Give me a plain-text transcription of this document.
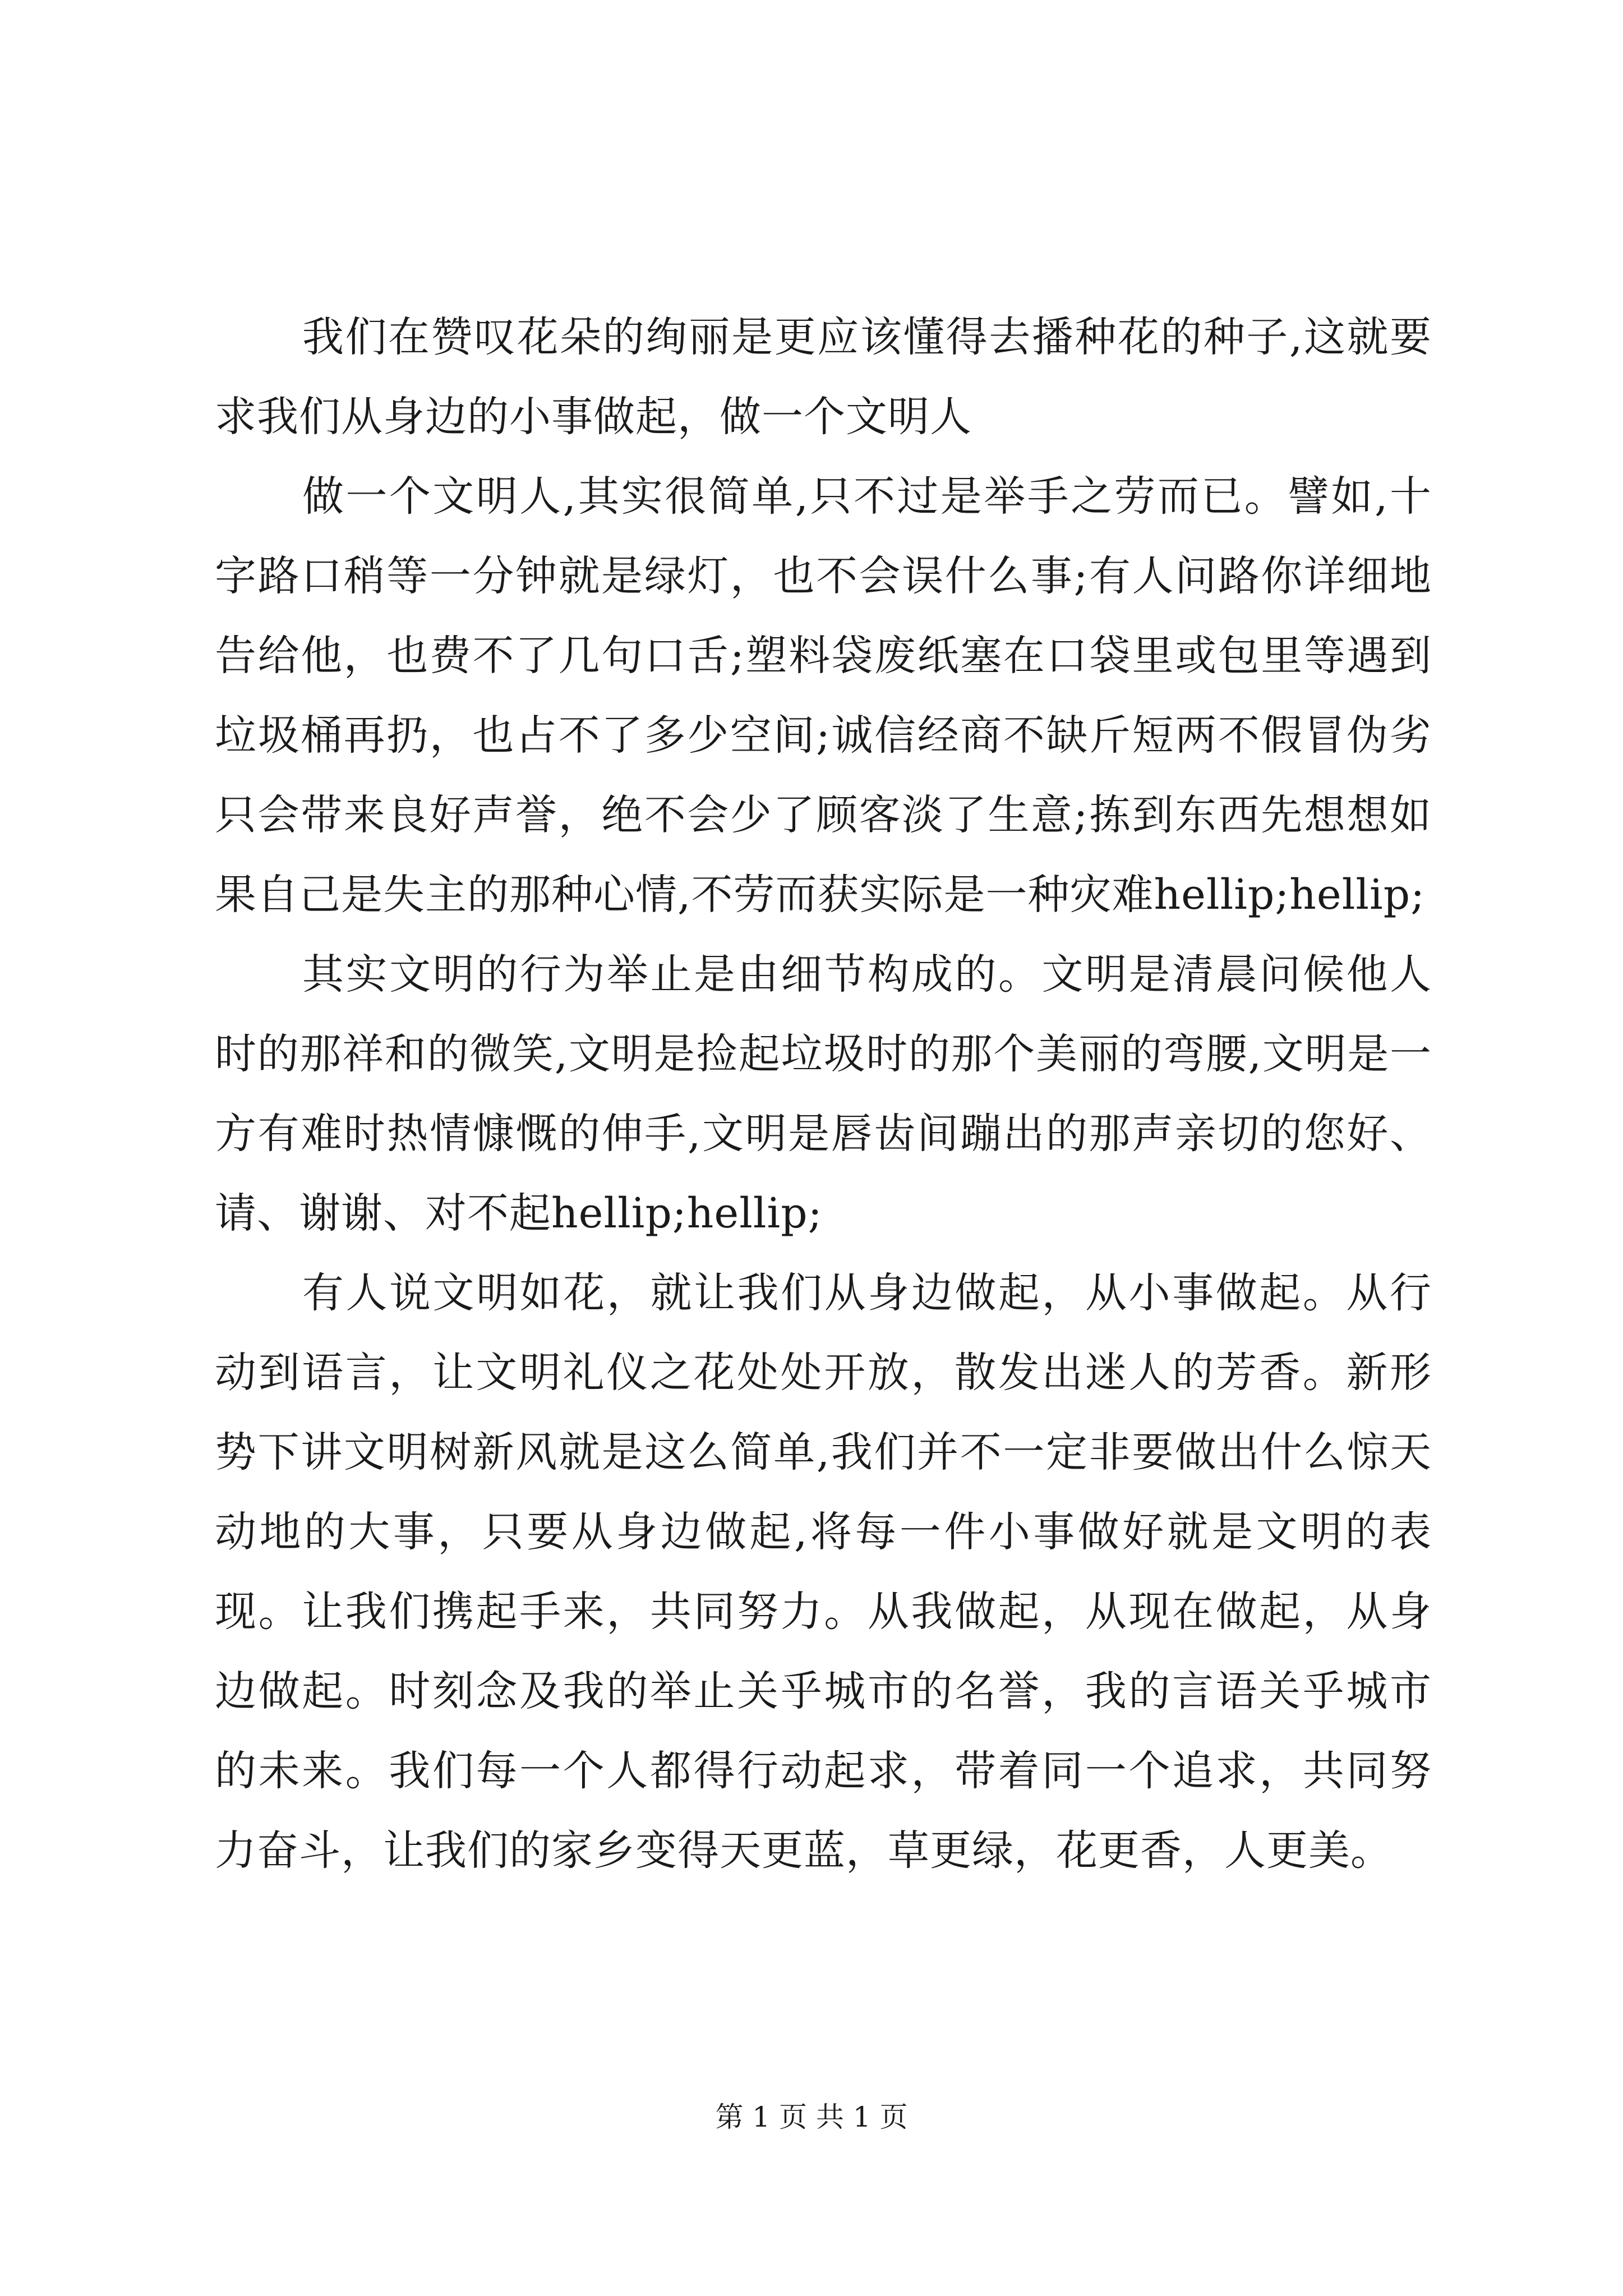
我们在赞叹花朵的绚丽是更应该懂得去播种花的种子,这就要求我们从身边的小事做起，做一个文明人

做一个文明人,其实很简单,只不过是举手之劳而已。譬如,十字路口稍等一分钟就是绿灯，也不会误什么事;有人问路你详细地告给他，也费不了几句口舌;塑料袋废纸塞在口袋里或包里等遇到垃圾桶再扔，也占不了多少空间;诚信经商不缺斤短两不假冒伪劣只会带来良好声誉，绝不会少了顾客淡了生意;拣到东西先想想如果自己是失主的那种心情,不劳而获实际是一种灾难hellip;hellip;

其实文明的行为举止是由细节构成的。文明是清晨问候他人时的那祥和的微笑,文明是捡起垃圾时的那个美丽的弯腰,文明是一方有难时热情慷慨的伸手,文明是唇齿间蹦出的那声亲切的您好、请、谢谢、对不起hellip;hellip;

有人说文明如花，就让我们从身边做起，从小事做起。从行动到语言，让文明礼仪之花处处开放，散发出迷人的芳香。新形势下讲文明树新风就是这么简单,我们并不一定非要做出什么惊天动地的大事，只要从身边做起,将每一件小事做好就是文明的表现。让我们携起手来，共同努力。从我做起，从现在做起，从身边做起。时刻念及我的举止关乎城市的名誉，我的言语关乎城市的未来。我们每一个人都得行动起求，带着同一个追求，共同努力奋斗，让我们的家乡变得天更蓝，草更绿，花更香，人更美。

第 1 页 共 1 页
